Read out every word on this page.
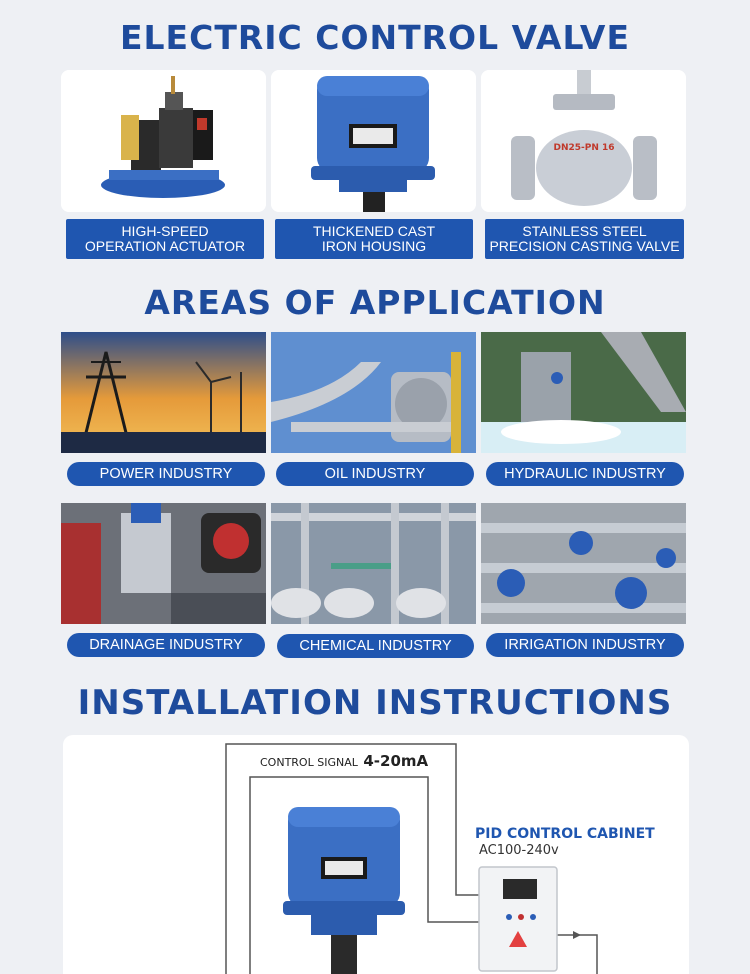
ELECTRIC CONTROL VALVE
HIGH-SPEED
OPERATION ACTUATOR
THICKENED CAST
IRON HOUSING
DN25-PN 16
STAINLESS STEEL
PRECISION CASTING VALVE
AREAS OF APPLICATION
POWER INDUSTRY	OIL INDUSTRY	HYDRAULIC INDUSTRY
DRAINAGE INDUSTRY	CHEMICAL INDUSTRY	IRRIGATION INDUSTRY
INSTALLATION INSTRUCTIONS
CONTROL SIGNAL 4-20mA
PID CONTROL CABINET
AC100-240v
